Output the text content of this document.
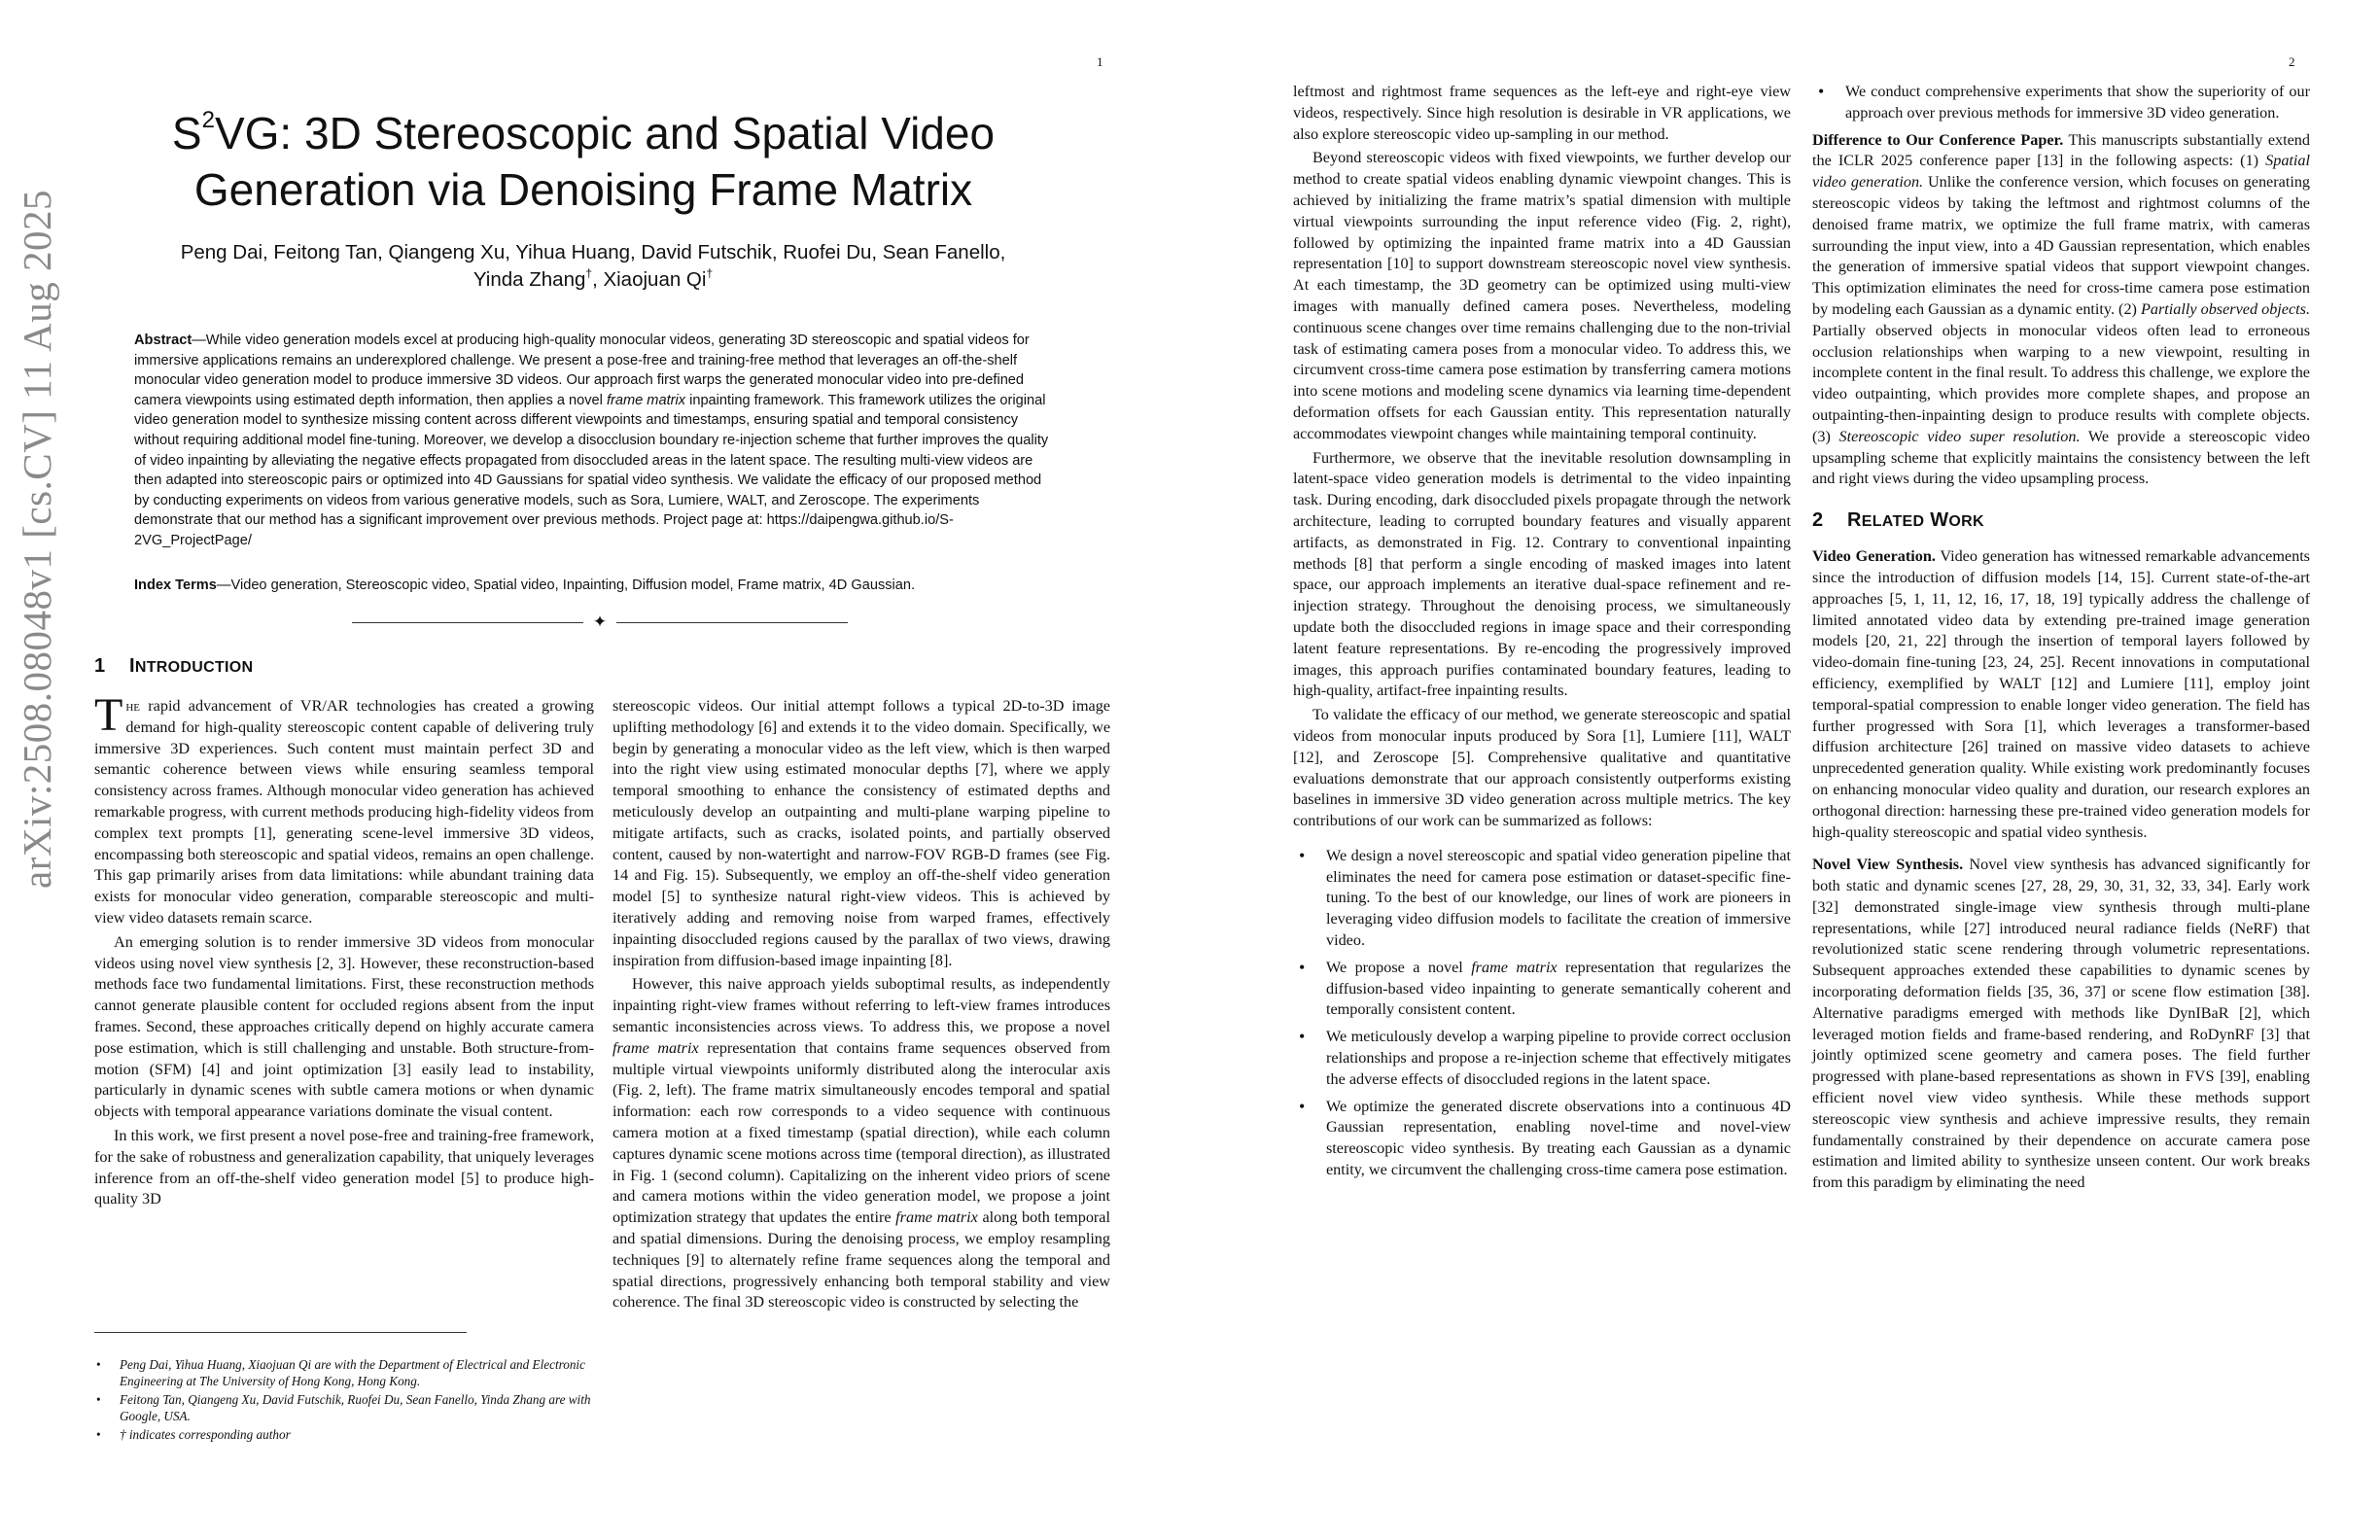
1
arXiv:2508.08048v1 [cs.CV] 11 Aug 2025
$S^2VG$: 3D Stereoscopic and Spatial Video
Generation via Denoising Frame Matrix
Peng Dai, Feitong Tan, Qiangeng Xu, Yihua Huang, David Futschik, Ruofei Du, Sean Fanello,
Yinda Zhang†, Xiaojuan Qi†
Abstract—While video generation models excel at producing high-quality monocular videos, generating 3D stereoscopic and spatial videos for immersive applications remains an underexplored challenge. We present a pose-free and training-free method that leverages an off-the-shelf monocular video generation model to produce immersive 3D videos. Our approach first warps the generated monocular video into pre-defined camera viewpoints using estimated depth information, then applies a novel frame matrix inpainting framework. This framework utilizes the original video generation model to synthesize missing content across different viewpoints and timestamps, ensuring spatial and temporal consistency without requiring additional model fine-tuning. Moreover, we develop a disocclusion boundary re-injection scheme that further improves the quality of video inpainting by alleviating the negative effects propagated from disoccluded areas in the latent space. The resulting multi-view videos are then adapted into stereoscopic pairs or optimized into 4D Gaussians for spatial video synthesis. We validate the efficacy of our proposed method by conducting experiments on videos from various generative models, such as Sora, Lumiere, WALT, and Zeroscope. The experiments demonstrate that our method has a significant improvement over previous methods. Project page at: https://daipengwa.github.io/S-2VG_ProjectPage/
Index Terms—Video generation, Stereoscopic video, Spatial video, Inpainting, Diffusion model, Frame matrix, 4D Gaussian.
✦
1 INTRODUCTION

The rapid advancement of VR/AR technologies has created a growing demand for high-quality stereoscopic content capable of delivering truly immersive 3D experiences. Such content must maintain perfect 3D and semantic coherence between views while ensuring seamless temporal consistency across frames. Although monocular video generation has achieved remarkable progress, with current methods producing high-fidelity videos from complex text prompts [1], generating scene-level immersive 3D videos, encompassing both stereoscopic and spatial videos, remains an open challenge. This gap primarily arises from data limitations: while abundant training data exists for monocular video generation, comparable stereoscopic and multi-view video datasets remain scarce.

An emerging solution is to render immersive 3D videos from monocular videos using novel view synthesis [2, 3]. However, these reconstruction-based methods face two fundamental limitations. First, these reconstruction methods cannot generate plausible content for occluded regions absent from the input frames. Second, these approaches critically depend on highly accurate camera pose estimation, which is still challenging and unstable. Both structure-from-motion (SFM) [4] and joint optimization [3] easily lead to instability, particularly in dynamic scenes with subtle camera motions or when dynamic objects with temporal appearance variations dominate the visual content.

In this work, we first present a novel pose-free and training-free framework, for the sake of robustness and generalization capability, that uniquely leverages inference from an off-the-shelf video generation model [5] to produce high-quality 3D

stereoscopic videos. Our initial attempt follows a typical 2D-to-3D image uplifting methodology [6] and extends it to the video domain. Specifically, we begin by generating a monocular video as the left view, which is then warped into the right view using estimated monocular depths [7], where we apply temporal smoothing to enhance the consistency of estimated depths and meticulously develop an outpainting and multi-plane warping pipeline to mitigate artifacts, such as cracks, isolated points, and partially observed content, caused by non-watertight and narrow-FOV RGB-D frames (see Fig. 14 and Fig. 15). Subsequently, we employ an off-the-shelf video generation model [5] to synthesize natural right-view videos. This is achieved by iteratively adding and removing noise from warped frames, effectively inpainting disoccluded regions caused by the parallax of two views, drawing inspiration from diffusion-based image inpainting [8].

However, this naive approach yields suboptimal results, as independently inpainting right-view frames without referring to left-view frames introduces semantic inconsistencies across views. To address this, we propose a novel frame matrix representation that contains frame sequences observed from multiple virtual viewpoints uniformly distributed along the interocular axis (Fig. 2, left). The frame matrix simultaneously encodes temporal and spatial information: each row corresponds to a video sequence with continuous camera motion at a fixed timestamp (spatial direction), while each column captures dynamic scene motions across time (temporal direction), as illustrated in Fig. 1 (second column). Capitalizing on the inherent video priors of scene and camera motions within the video generation model, we propose a joint optimization strategy that updates the entire frame matrix along both temporal and spatial dimensions. During the denoising process, we employ resampling techniques [9] to alternately refine frame sequences along the temporal and spatial directions, progressively enhancing both temporal stability and view coherence. The final 3D stereoscopic video is constructed by selecting the

• Peng Dai, Yihua Huang, Xiaojuan Qi are with the Department of Electrical and Electronic Engineering at The University of Hong Kong, Hong Kong.
• Feitong Tan, Qiangeng Xu, David Futschik, Ruofei Du, Sean Fanello, Yinda Zhang are with Google, USA.
• † indicates corresponding author
2

leftmost and rightmost frame sequences as the left-eye and right-eye view videos, respectively. Since high resolution is desirable in VR applications, we also explore stereoscopic video up-sampling in our method.

Beyond stereoscopic videos with fixed viewpoints, we further develop our method to create spatial videos enabling dynamic viewpoint changes. This is achieved by initializing the frame matrix’s spatial dimension with multiple virtual viewpoints surrounding the input reference video (Fig. 2, right), followed by optimizing the inpainted frame matrix into a 4D Gaussian representation [10] to support downstream stereoscopic novel view synthesis. At each timestamp, the 3D geometry can be optimized using multi-view images with manually defined camera poses. Nevertheless, modeling continuous scene changes over time remains challenging due to the non-trivial task of estimating camera poses from a monocular video. To address this, we circumvent cross-time camera pose estimation by transferring camera motions into scene motions and modeling scene dynamics via learning time-dependent deformation offsets for each Gaussian entity. This representation naturally accommodates viewpoint changes while maintaining temporal continuity.

Furthermore, we observe that the inevitable resolution downsampling in latent-space video generation models is detrimental to the video inpainting task. During encoding, dark disoccluded pixels propagate through the network architecture, leading to corrupted boundary features and visually apparent artifacts, as demonstrated in Fig. 12. Contrary to conventional inpainting methods [8] that perform a single encoding of masked images into latent space, our approach implements an iterative dual-space refinement and re-injection strategy. Throughout the denoising process, we simultaneously update both the disoccluded regions in image space and their corresponding latent feature representations. By re-encoding the progressively improved images, this approach purifies contaminated boundary features, leading to high-quality, artifact-free inpainting results.

To validate the efficacy of our method, we generate stereoscopic and spatial videos from monocular inputs produced by Sora [1], Lumiere [11], WALT [12], and Zeroscope [5]. Comprehensive qualitative and quantitative evaluations demonstrate that our approach consistently outperforms existing baselines in immersive 3D video generation across multiple metrics. The key contributions of our work can be summarized as follows:

• We design a novel stereoscopic and spatial video generation pipeline that eliminates the need for camera pose estimation or dataset-specific fine-tuning. To the best of our knowledge, our lines of work are pioneers in leveraging video diffusion models to facilitate the creation of immersive video.
• We propose a novel frame matrix representation that regularizes the diffusion-based video inpainting to generate semantically coherent and temporally consistent content.
• We meticulously develop a warping pipeline to provide correct occlusion relationships and propose a re-injection scheme that effectively mitigates the adverse effects of disoccluded regions in the latent space.
• We optimize the generated discrete observations into a continuous 4D Gaussian representation, enabling novel-time and novel-view stereoscopic video synthesis. By treating each Gaussian as a dynamic entity, we circumvent the challenging cross-time camera pose estimation.
• We conduct comprehensive experiments that show the superiority of our approach over previous methods for immersive 3D video generation.

Difference to Our Conference Paper. This manuscripts substantially extend the ICLR 2025 conference paper [13] in the following aspects: (1) Spatial video generation. Unlike the conference version, which focuses on generating stereoscopic videos by taking the leftmost and rightmost columns of the denoised frame matrix, we optimize the full frame matrix, with cameras surrounding the input view, into a 4D Gaussian representation, which enables the generation of immersive spatial videos that support viewpoint changes. This optimization eliminates the need for cross-time camera pose estimation by modeling each Gaussian as a dynamic entity. (2) Partially observed objects. Partially observed objects in monocular videos often lead to erroneous occlusion relationships when warping to a new viewpoint, resulting in incomplete content in the final result. To address this challenge, we explore the video outpainting, which provides more complete shapes, and propose an outpainting-then-inpainting design to produce results with complete objects. (3) Stereoscopic video super resolution. We provide a stereoscopic video upsampling scheme that explicitly maintains the consistency between the left and right views during the video upsampling process.

2 RELATED WORK

Video Generation. Video generation has witnessed remarkable advancements since the introduction of diffusion models [14, 15]. Current state-of-the-art approaches [5, 1, 11, 12, 16, 17, 18, 19] typically address the challenge of limited annotated video data by extending pre-trained image generation models [20, 21, 22] through the insertion of temporal layers followed by video-domain fine-tuning [23, 24, 25]. Recent innovations in computational efficiency, exemplified by WALT [12] and Lumiere [11], employ joint temporal-spatial compression to enable longer video generation. The field has further progressed with Sora [1], which leverages a transformer-based diffusion architecture [26] trained on massive video datasets to achieve unprecedented generation quality. While existing work predominantly focuses on enhancing monocular video quality and duration, our research explores an orthogonal direction: harnessing these pre-trained video generation models for high-quality stereoscopic and spatial video synthesis.

Novel View Synthesis. Novel view synthesis has advanced significantly for both static and dynamic scenes [27, 28, 29, 30, 31, 32, 33, 34]. Early work [32] demonstrated single-image view synthesis through multi-plane representations, while [27] introduced neural radiance fields (NeRF) that revolutionized static scene rendering through volumetric representations. Subsequent approaches extended these capabilities to dynamic scenes by incorporating deformation fields [35, 36, 37] or scene flow estimation [38]. Alternative paradigms emerged with methods like DynIBaR [2], which leveraged motion fields and frame-based rendering, and RoDynRF [3] that jointly optimized scene geometry and camera poses. The field further progressed with plane-based representations as shown in FVS [39], enabling efficient novel view video synthesis. While these methods support stereoscopic view synthesis and achieve impressive results, they remain fundamentally constrained by their dependence on accurate camera pose estimation and limited ability to synthesize unseen content. Our work breaks from this paradigm by eliminating the need
